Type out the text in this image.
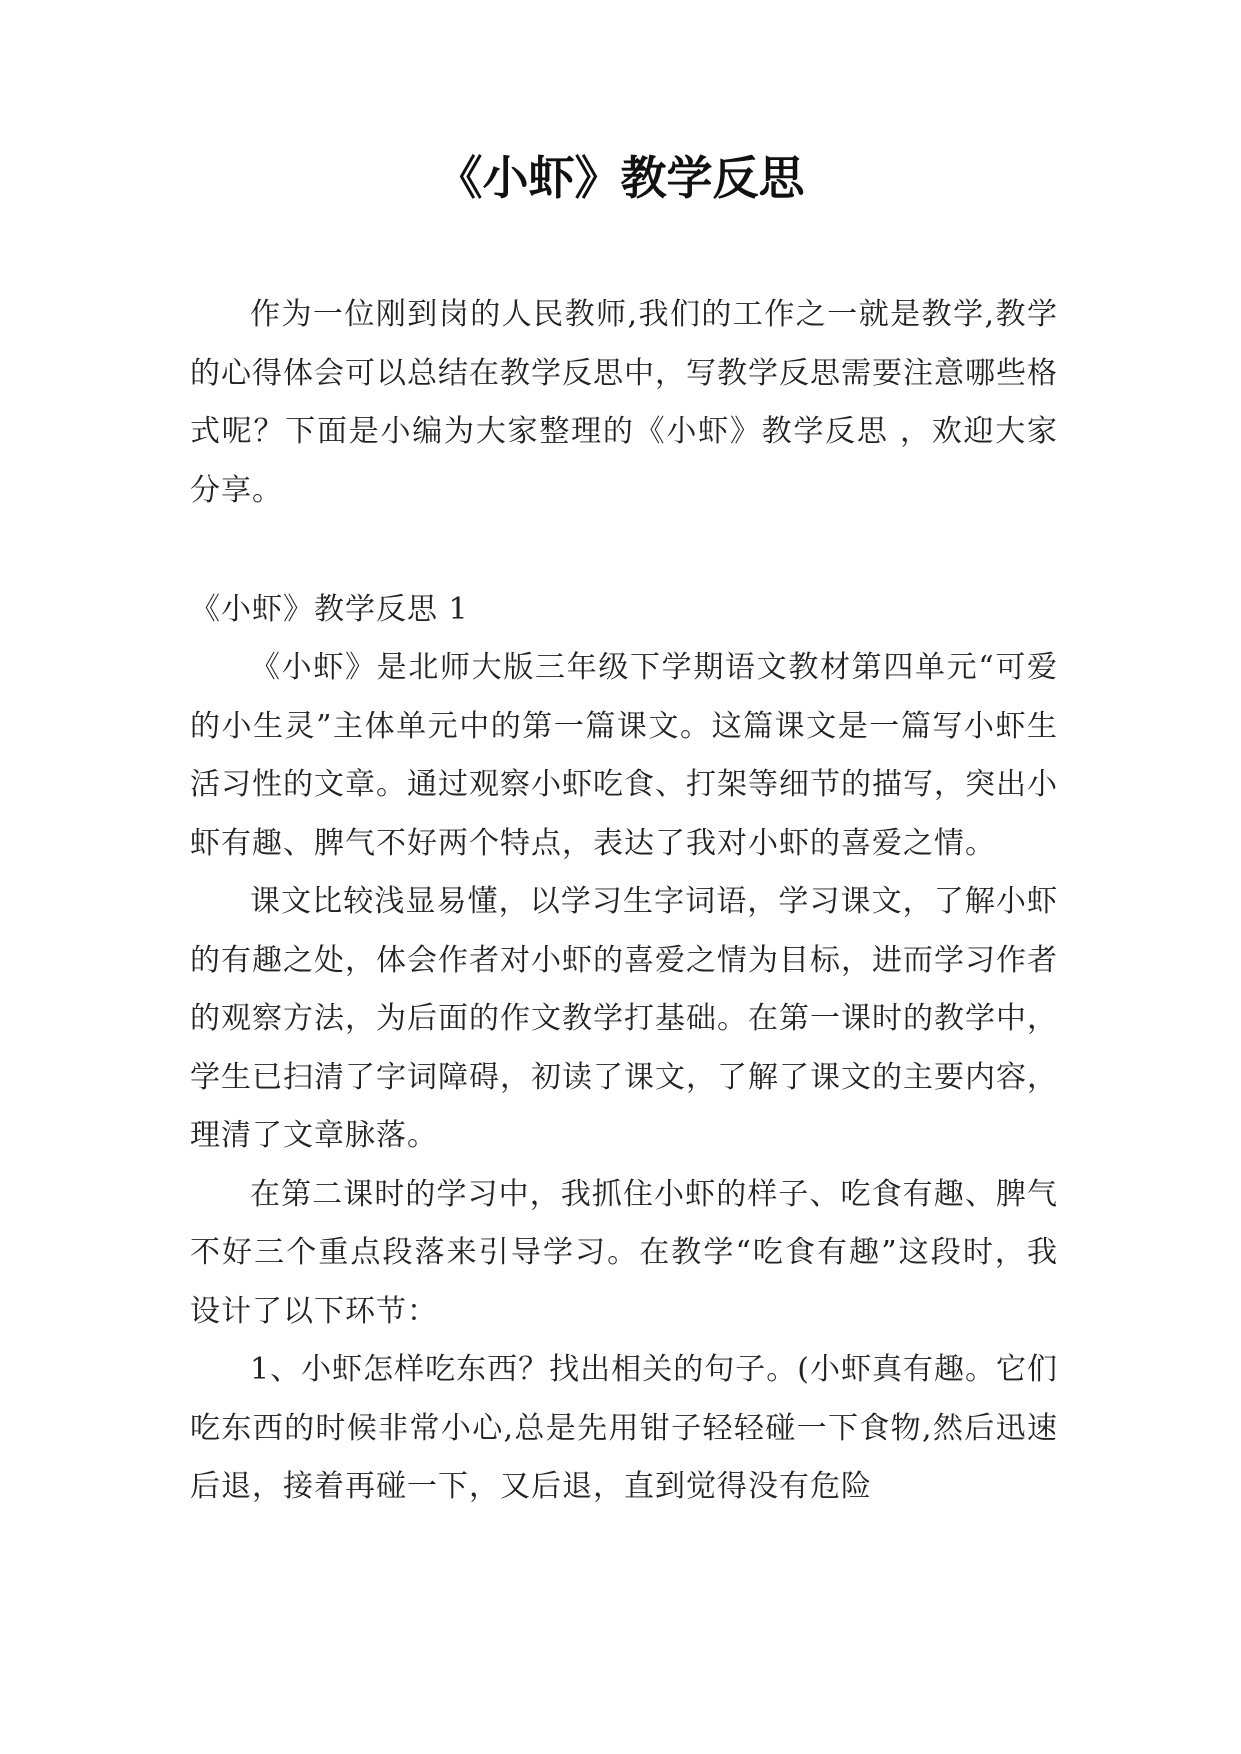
《小虾》教学反思

作为一位刚到岗的人民教师,我们的工作之一就是教学,教学的心得体会可以总结在教学反思中，写教学反思需要注意哪些格式呢？下面是小编为大家整理的《小虾》教学反思 ，欢迎大家分享。

《小虾》教学反思 1

《小虾》是北师大版三年级下学期语文教材第四单元“可爱的小生灵”主体单元中的第一篇课文。这篇课文是一篇写小虾生活习性的文章。通过观察小虾吃食、打架等细节的描写，突出小虾有趣、脾气不好两个特点，表达了我对小虾的喜爱之情。

课文比较浅显易懂，以学习生字词语，学习课文，了解小虾的有趣之处，体会作者对小虾的喜爱之情为目标，进而学习作者的观察方法，为后面的作文教学打基础。在第一课时的教学中，学生已扫清了字词障碍，初读了课文，了解了课文的主要内容，理清了文章脉落。

在第二课时的学习中，我抓住小虾的样子、吃食有趣、脾气不好三个重点段落来引导学习。在教学“吃食有趣”这段时，我设计了以下环节：

1、小虾怎样吃东西？找出相关的句子。(小虾真有趣。它们吃东西的时候非常小心,总是先用钳子轻轻碰一下食物,然后迅速后退，接着再碰一下，又后退，直到觉得没有危险
